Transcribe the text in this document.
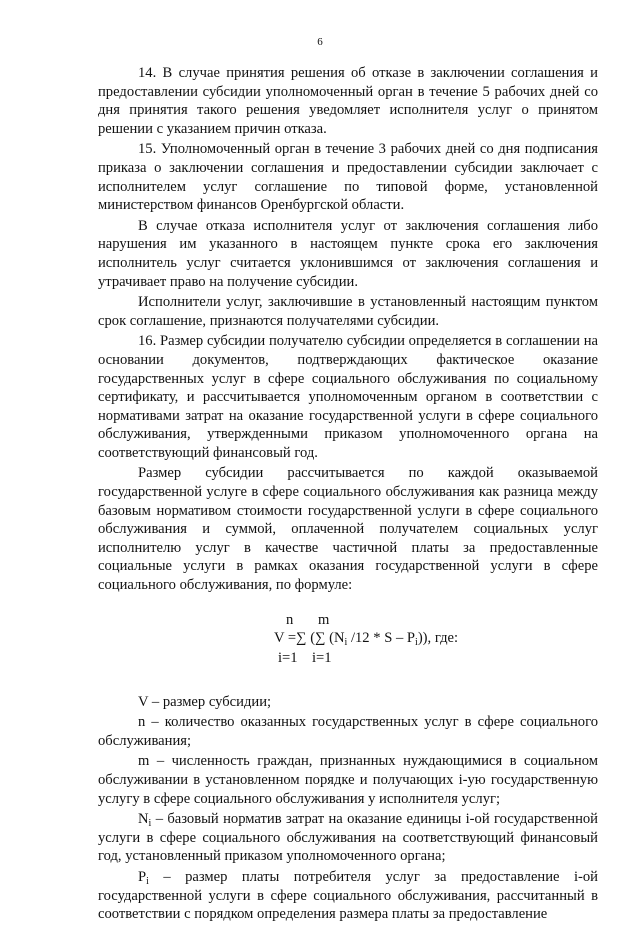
6

14. В случае принятия решения об отказе в заключении соглашения и предоставлении субсидии уполномоченный орган в течение 5 рабочих дней со дня принятия такого решения уведомляет исполнителя услуг о принятом решении с указанием причин отказа.

15. Уполномоченный орган в течение 3 рабочих дней со дня подписания приказа о заключении соглашения и предоставлении субсидии заключает с исполнителем услуг соглашение по типовой форме, установленной министерством финансов Оренбургской области.

В случае отказа исполнителя услуг от заключения соглашения либо нарушения им указанного в настоящем пункте срока его заключения исполнитель услуг считается уклонившимся от заключения соглашения и утрачивает право на получение субсидии.

Исполнители услуг, заключившие в установленный настоящим пунктом срок соглашение, признаются получателями субсидии.

16. Размер субсидии получателю субсидии определяется в соглашении на основании документов, подтверждающих фактическое оказание государственных услуг в сфере социального обслуживания по социальному сертификату, и рассчитывается уполномоченным органом в соответствии с нормативами затрат на оказание государственной услуги в сфере социального обслуживания, утвержденными приказом уполномоченного органа на соответствующий финансовый год.

Размер субсидии рассчитывается по каждой оказываемой государственной услуге в сфере социального обслуживания как разница между базовым нормативом стоимости государственной услуги в сфере социального обслуживания и суммой, оплаченной получателем социальных услуг исполнителю услуг в качестве частичной платы за предоставленные социальные услуги в рамках оказания государственной услуги в сфере социального обслуживания, по формуле:

n m
V =∑ (∑ ($N_i$ /12 * S – $P_i$)), где:
i=1 i=1

V – размер субсидии;

n – количество оказанных государственных услуг в сфере социального обслуживания;

m – численность граждан, признанных нуждающимися в социальном обслуживании в установленном порядке и получающих i-ую государственную услугу в сфере социального обслуживания у исполнителя услуг;

$N_i$ – базовый норматив затрат на оказание единицы i-ой государственной услуги в сфере социального обслуживания на соответствующий финансовый год, установленный приказом уполномоченного органа;

$P_i$ – размер платы потребителя услуг за предоставление i-ой государственной услуги в сфере социального обслуживания, рассчитанный в соответствии с порядком определения размера платы за предоставление
